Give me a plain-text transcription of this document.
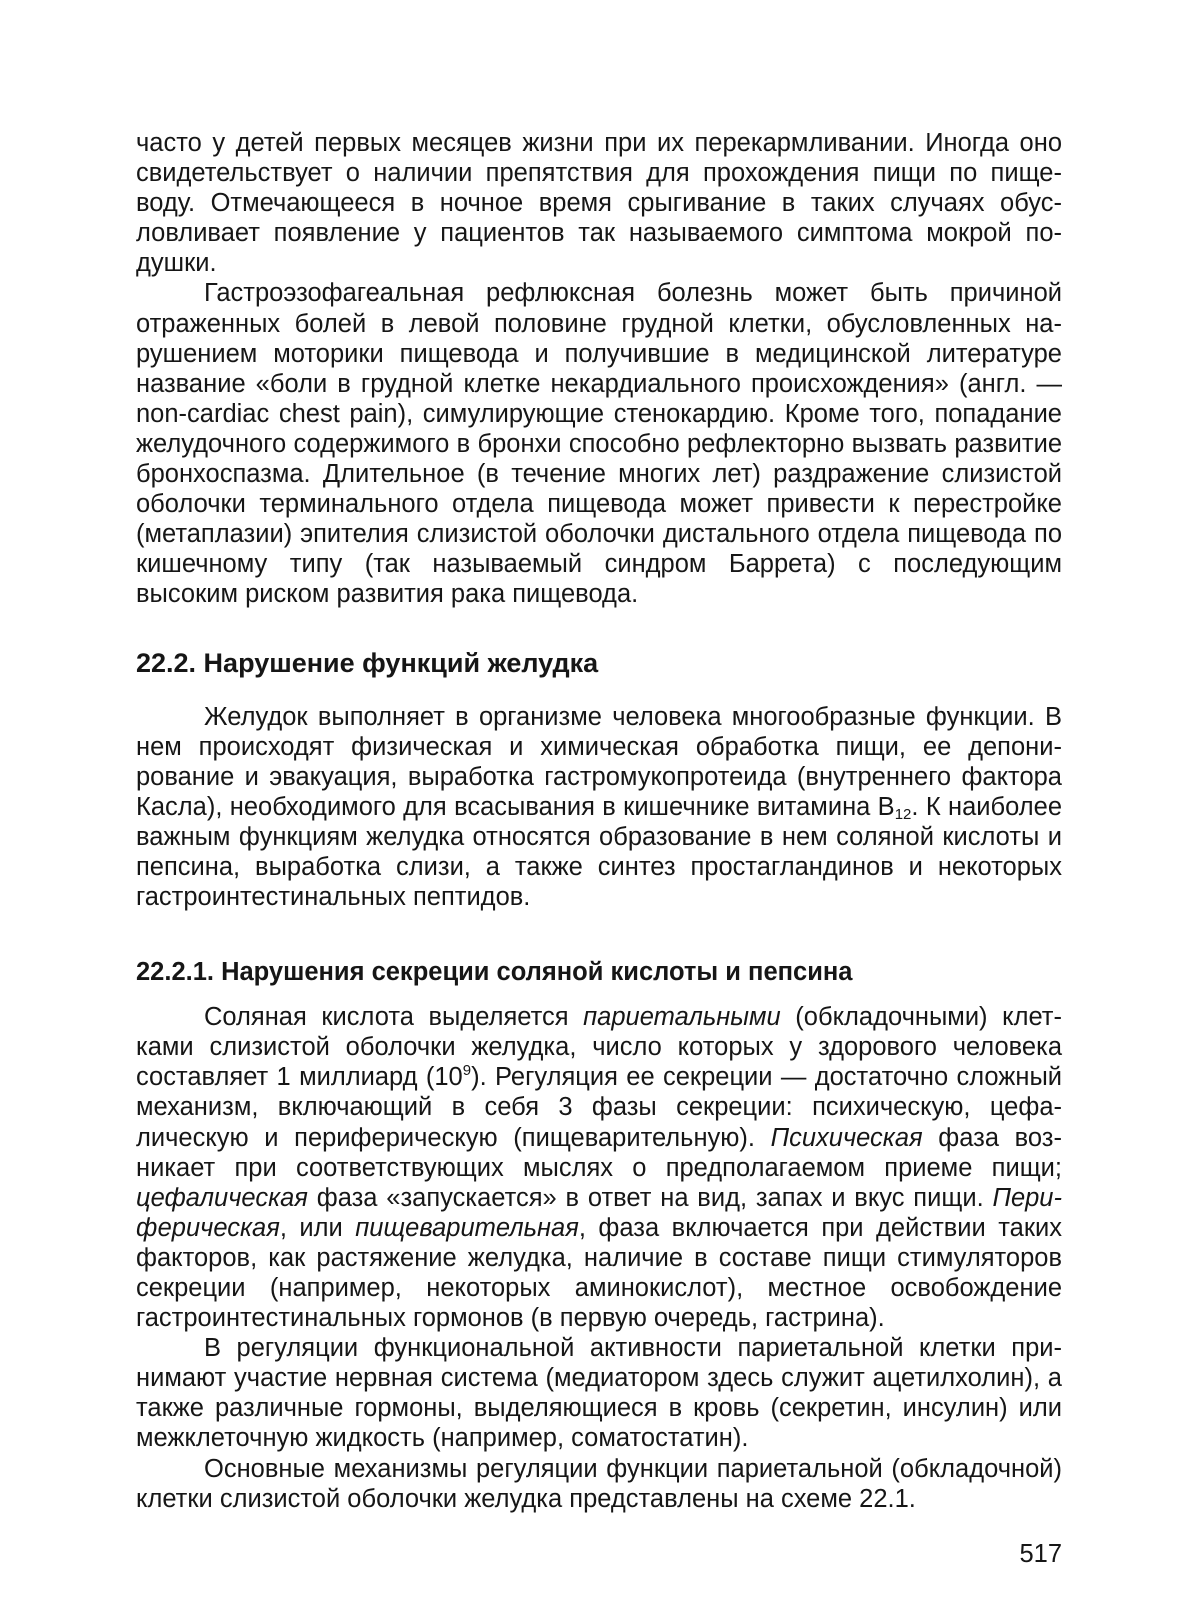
часто у детей первых месяцев жизни при их перекармливании. Иногда оно свидетельствует о наличии препятствия для прохождения пищи по пищеводу. Отмечающееся в ночное время срыгивание в таких случаях обусловливает появление у пациентов так называемого симптома мокрой подушки.

Гастроэзофагеальная рефлюксная болезнь может быть причиной отраженных болей в левой половине грудной клетки, обусловленных нарушением моторики пищевода и получившие в медицинской литературе название «боли в грудной клетке некардиального происхождения» (англ. — non-cardiac chest pain), симулирующие стенокардию. Кроме того, попадание желудочного содержимого в бронхи способно рефлекторно вызвать развитие бронхоспазма. Длительное (в течение многих лет) раздражение слизистой оболочки терминального отдела пищевода может привести к перестройке (метаплазии) эпителия слизистой оболочки дистального отдела пищевода по кишечному типу (так называемый синдром Баррета) с последующим высоким риском развития рака пищевода.

22.2. Нарушение функций желудка

Желудок выполняет в организме человека многообразные функции. В нем происходят физическая и химическая обработка пищи, ее депонирование и эвакуация, выработка гастромукопротеида (внутреннего фактора Касла), необходимого для всасывания в кишечнике витамина $B_{12}$. К наиболее важным функциям желудка относятся образование в нем соляной кислоты и пепсина, выработка слизи, а также синтез простагландинов и некоторых гастроинтестинальных пептидов.

22.2.1. Нарушения секреции соляной кислоты и пепсина

Соляная кислота выделяется париетальными (обкладочными) клетками слизистой оболочки желудка, число которых у здорового человека составляет 1 миллиард $(10^9)$. Регуляция ее секреции — достаточно сложный механизм, включающий в себя 3 фазы секреции: психическую, цефалическую и периферическую (пищеварительную). Психическая фаза возникает при соответствующих мыслях о предполагаемом приеме пищи; цефалическая фаза «запускается» в ответ на вид, запах и вкус пищи. Периферическая, или пищеварительная, фаза включается при действии таких факторов, как растяжение желудка, наличие в составе пищи стимуляторов секреции (например, некоторых аминокислот), местное освобождение гастроинтестинальных гормонов (в первую очередь, гастрина).

В регуляции функциональной активности париетальной клетки принимают участие нервная система (медиатором здесь служит ацетилхолин), а также различные гормоны, выделяющиеся в кровь (секретин, инсулин) или межклеточную жидкость (например, соматостатин).

Основные механизмы регуляции функции париетальной (обкладочной) клетки слизистой оболочки желудка представлены на схеме 22.1.

517
